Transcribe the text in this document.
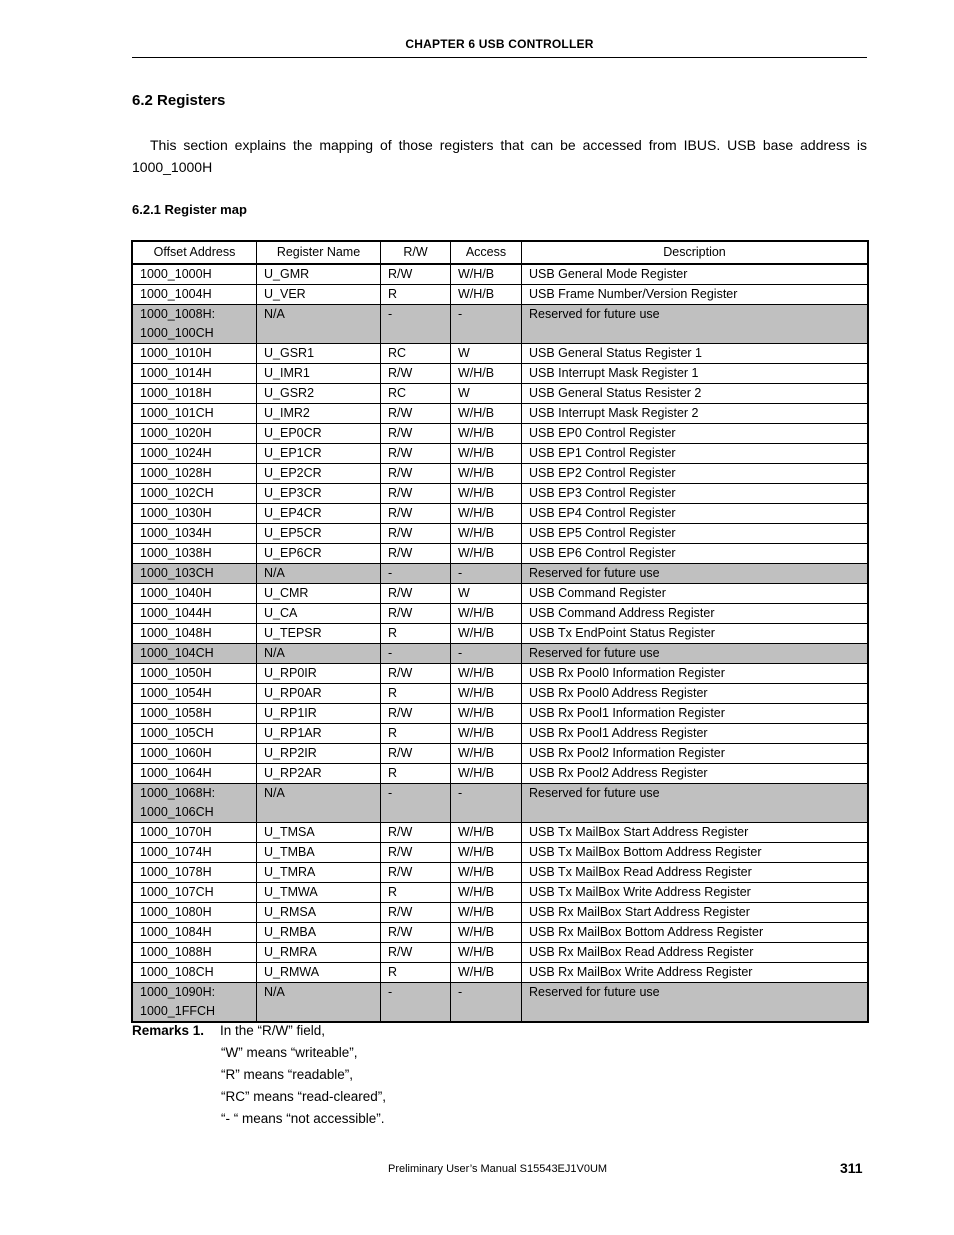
CHAPTER 6 USB CONTROLLER
6.2 Registers
This section explains the mapping of those registers that can be accessed from IBUS. USB base address is 1000_1000H
6.2.1 Register map
Offset Address	Register Name	R/W	Access	Description
1000_1000H	U_GMR	R/W	W/H/B	USB General Mode Register
1000_1004H	U_VER	R	W/H/B	USB Frame Number/Version Register

1000_1008H:
1000_100CH	N/A	-	-	Reserved for future use
1000_1010H	U_GSR1	RC	W	USB General Status Register 1
1000_1014H	U_IMR1	R/W	W/H/B	USB Interrupt Mask Register 1
1000_1018H	U_GSR2	RC	W	USB General Status Resister 2
1000_101CH	U_IMR2	R/W	W/H/B	USB Interrupt Mask Register 2
1000_1020H	U_EP0CR	R/W	W/H/B	USB EP0 Control Register
1000_1024H	U_EP1CR	R/W	W/H/B	USB EP1 Control Register
1000_1028H	U_EP2CR	R/W	W/H/B	USB EP2 Control Register
1000_102CH	U_EP3CR	R/W	W/H/B	USB EP3 Control Register
1000_1030H	U_EP4CR	R/W	W/H/B	USB EP4 Control Register
1000_1034H	U_EP5CR	R/W	W/H/B	USB EP5 Control Register
1000_1038H	U_EP6CR	R/W	W/H/B	USB EP6 Control Register
1000_103CH	N/A	-	-	Reserved for future use
1000_1040H	U_CMR	R/W	W	USB Command Register
1000_1044H	U_CA	R/W	W/H/B	USB Command Address Register
1000_1048H	U_TEPSR	R	W/H/B	USB Tx EndPoint Status Register
1000_104CH	N/A	-	-	Reserved for future use
1000_1050H	U_RP0IR	R/W	W/H/B	USB Rx Pool0 Information Register
1000_1054H	U_RP0AR	R	W/H/B	USB Rx Pool0 Address Register
1000_1058H	U_RP1IR	R/W	W/H/B	USB Rx Pool1 Information Register
1000_105CH	U_RP1AR	R	W/H/B	USB Rx Pool1 Address Register
1000_1060H	U_RP2IR	R/W	W/H/B	USB Rx Pool2 Information Register
1000_1064H	U_RP2AR	R	W/H/B	USB Rx Pool2 Address Register

1000_1068H:
1000_106CH	N/A	-	-	Reserved for future use
1000_1070H	U_TMSA	R/W	W/H/B	USB Tx MailBox Start Address Register
1000_1074H	U_TMBA	R/W	W/H/B	USB Tx MailBox Bottom Address Register
1000_1078H	U_TMRA	R/W	W/H/B	USB Tx MailBox Read Address Register
1000_107CH	U_TMWA	R	W/H/B	USB Tx MailBox Write Address Register
1000_1080H	U_RMSA	R/W	W/H/B	USB Rx MailBox Start Address Register
1000_1084H	U_RMBA	R/W	W/H/B	USB Rx MailBox Bottom Address Register
1000_1088H	U_RMRA	R/W	W/H/B	USB Rx MailBox Read Address Register
1000_108CH	U_RMWA	R	W/H/B	USB Rx MailBox Write Address Register

1000_1090H:
1000_1FFCH	N/A	-	-	Reserved for future use
Remarks 1. In the “R/W” field,
“W” means “writeable”,
“R” means “readable”,
“RC” means “read-cleared”,
“- “ means “not accessible”.
Preliminary User’s Manual S15543EJ1V0UM	311
